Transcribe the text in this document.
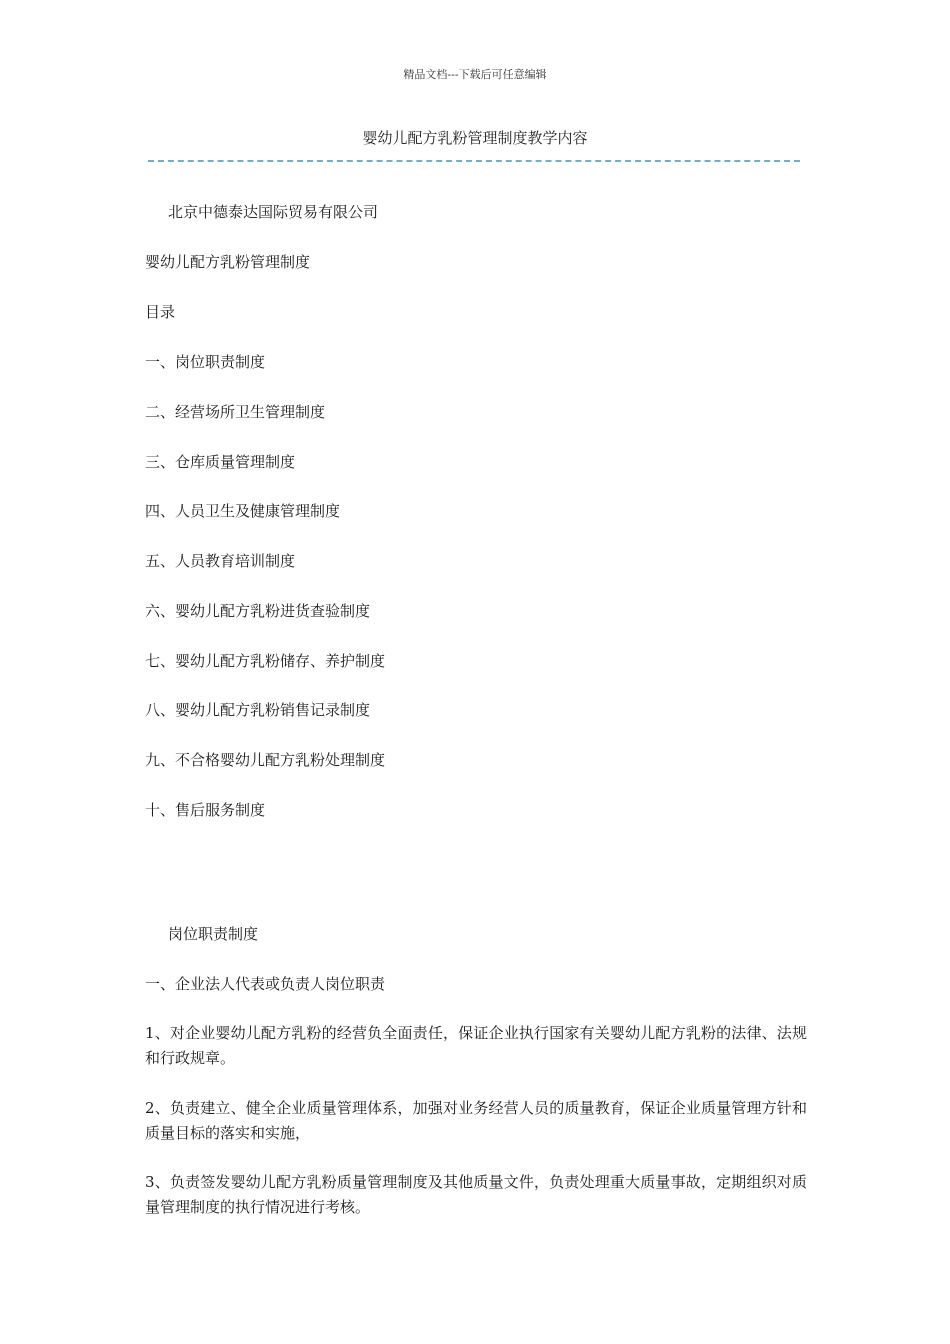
精品文档---下载后可任意编辑
婴幼儿配方乳粉管理制度教学内容
北京中德泰达国际贸易有限公司
婴幼儿配方乳粉管理制度
目录
一、岗位职责制度
二、经营场所卫生管理制度
三、仓库质量管理制度
四、人员卫生及健康管理制度
五、人员教育培训制度
六、婴幼儿配方乳粉进货查验制度
七、婴幼儿配方乳粉储存、养护制度
八、婴幼儿配方乳粉销售记录制度
九、不合格婴幼儿配方乳粉处理制度
十、售后服务制度
岗位职责制度
一、企业法人代表或负责人岗位职责
1、对企业婴幼儿配方乳粉的经营负全面责任，保证企业执行国家有关婴幼儿配方乳粉的法律、法规和行政规章。
2、负责建立、健全企业质量管理体系，加强对业务经营人员的质量教育，保证企业质量管理方针和质量目标的落实和实施，
3、负责签发婴幼儿配方乳粉质量管理制度及其他质量文件，负责处理重大质量事故，定期组织对质量管理制度的执行情况进行考核。
